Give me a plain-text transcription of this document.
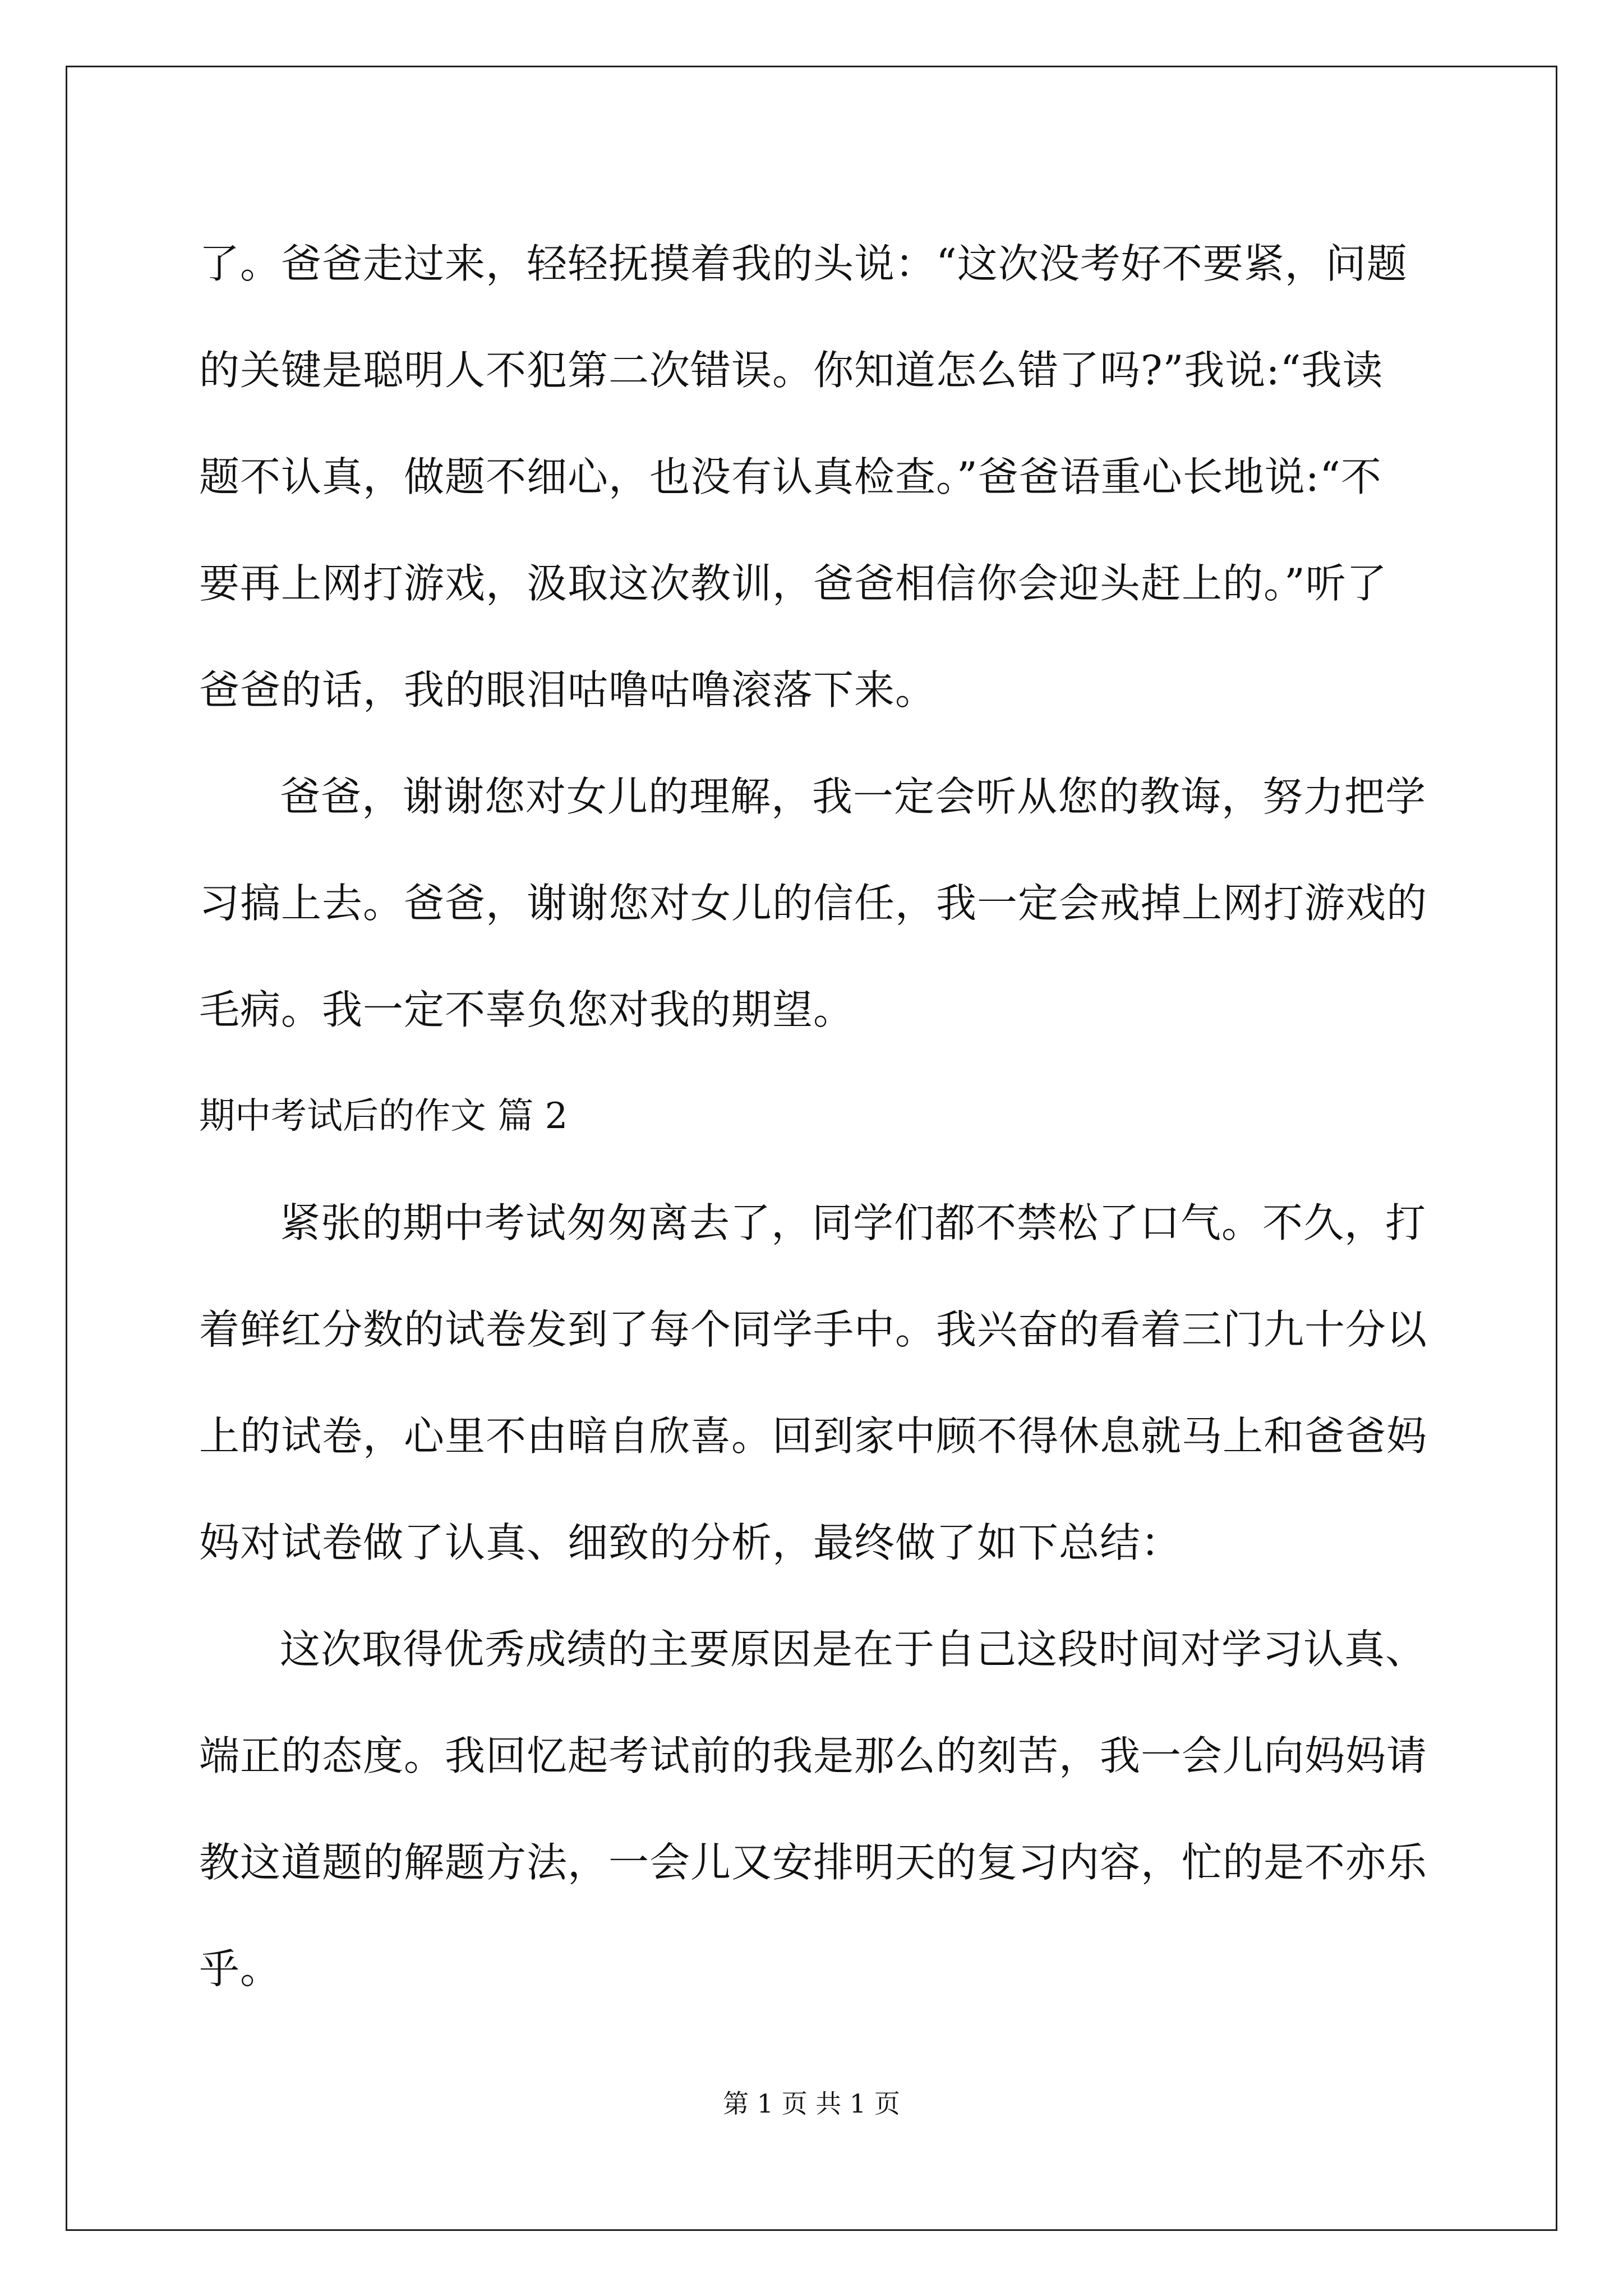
了。爸爸走过来，轻轻抚摸着我的头说：“这次没考好不要紧，问题
的关键是聪明人不犯第二次错误。你知道怎么错了吗?”我说:“我读
题不认真，做题不细心，也没有认真检查。”爸爸语重心长地说:“不
要再上网打游戏，汲取这次教训，爸爸相信你会迎头赶上的。”听了
爸爸的话，我的眼泪咕噜咕噜滚落下来。

爸爸，谢谢您对女儿的理解，我一定会听从您的教诲，努力把学
习搞上去。爸爸，谢谢您对女儿的信任，我一定会戒掉上网打游戏的
毛病。我一定不辜负您对我的期望。

期中考试后的作文 篇 2

紧张的期中考试匆匆离去了，同学们都不禁松了口气。不久，打
着鲜红分数的试卷发到了每个同学手中。我兴奋的看着三门九十分以
上的试卷，心里不由暗自欣喜。回到家中顾不得休息就马上和爸爸妈
妈对试卷做了认真、细致的分析，最终做了如下总结：

这次取得优秀成绩的主要原因是在于自己这段时间对学习认真、
端正的态度。我回忆起考试前的我是那么的刻苦，我一会儿向妈妈请
教这道题的解题方法，一会儿又安排明天的复习内容，忙的是不亦乐
乎。

第 1 页 共 1 页
